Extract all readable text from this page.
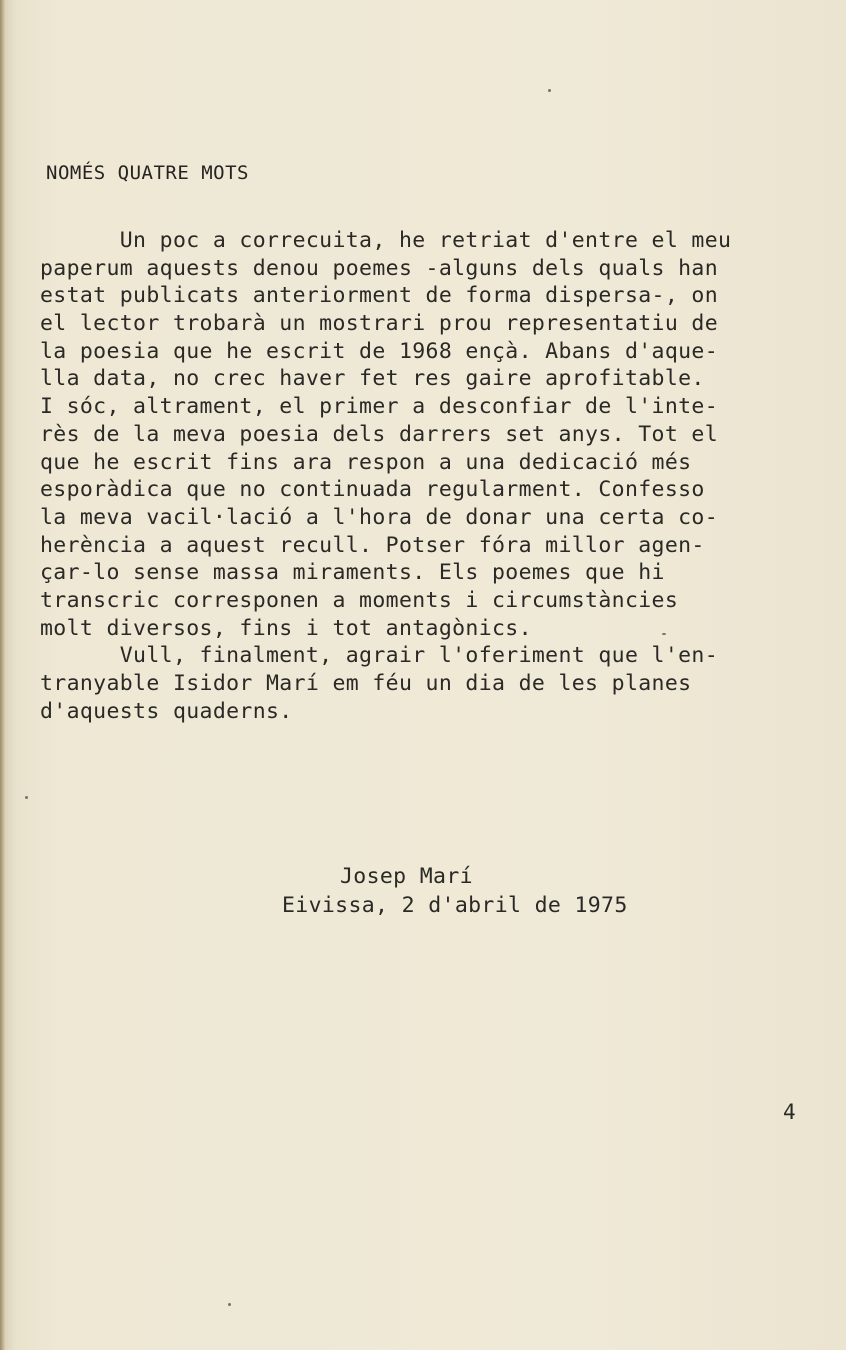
NOMÉS QUATRE MOTS
Un poc a correcuita, he retriat d'entre el meu
paperum aquests denou poemes -alguns dels quals han
estat publicats anteriorment de forma dispersa-, on
el lector trobarà un mostrari prou representatiu de
la poesia que he escrit de 1968 ençà. Abans d'aque-
lla data, no crec haver fet res gaire aprofitable.
I sóc, altrament, el primer a desconfiar de l'inte-
rès de la meva poesia dels darrers set anys. Tot el
que he escrit fins ara respon a una dedicació més
esporàdica que no continuada regularment. Confesso
la meva vacil·lació a l'hora de donar una certa co-
herència a aquest recull. Potser fóra millor agen-
çar-lo sense massa miraments. Els poemes que hi
transcric corresponen a moments i circumstàncies
molt diversos, fins i tot antagònics.
Vull, finalment, agrair l'oferiment que l'en-
tranyable Isidor Marí em féu un dia de les planes
d'aquests quaderns.
Josep Marí
Eivissa, 2 d'abril de 1975
4
